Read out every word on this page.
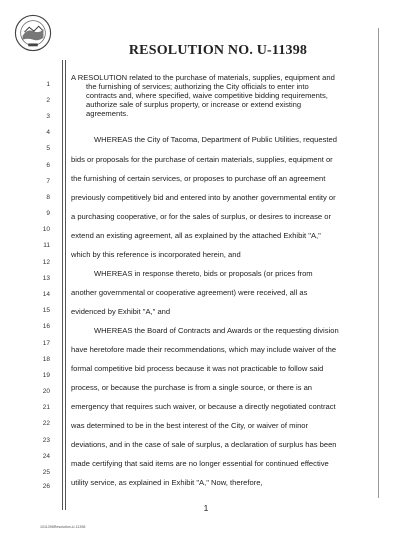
RESOLUTION NO. U-11398
1
2
3
4
5
6
7
8
9
10
11
12
13
14
15
16
17
18
19
20
21
22
23
24
25
26
A RESOLUTION related to the purchase of materials, supplies, equipment and
the furnishing of services; authorizing the City officials to enter into
contracts and, where specified, waive competitive bidding requirements,
authorize sale of surplus property, or increase or extend existing
agreements.
WHEREAS the City of Tacoma, Department of Public Utilities, requested
bids or proposals for the purchase of certain materials, supplies, equipment or
the furnishing of certain services, or proposes to purchase off an agreement
previously competitively bid and entered into by another governmental entity or
a purchasing cooperative, or for the sales of surplus, or desires to increase or
extend an existing agreement, all as explained by the attached Exhibit "A,"
which by this reference is incorporated herein, and
WHEREAS in response thereto, bids or proposals (or prices from
another governmental or cooperative agreement) were received, all as
evidenced by Exhibit "A," and
WHEREAS the Board of Contracts and Awards or the requesting division
have heretofore made their recommendations, which may include waiver of the
formal competitive bid process because it was not practicable to follow said
process, or because the purchase is from a single source, or there is an
emergency that requires such waiver, or because a directly negotiated contract
was determined to be in the best interest of the City, or waiver of minor
deviations, and in the case of sale of surplus, a declaration of surplus has been
made certifying that said items are no longer essential for continued effective
utility service, as explained in Exhibit "A," Now, therefore,
1
1011398Resolution-U-11398
